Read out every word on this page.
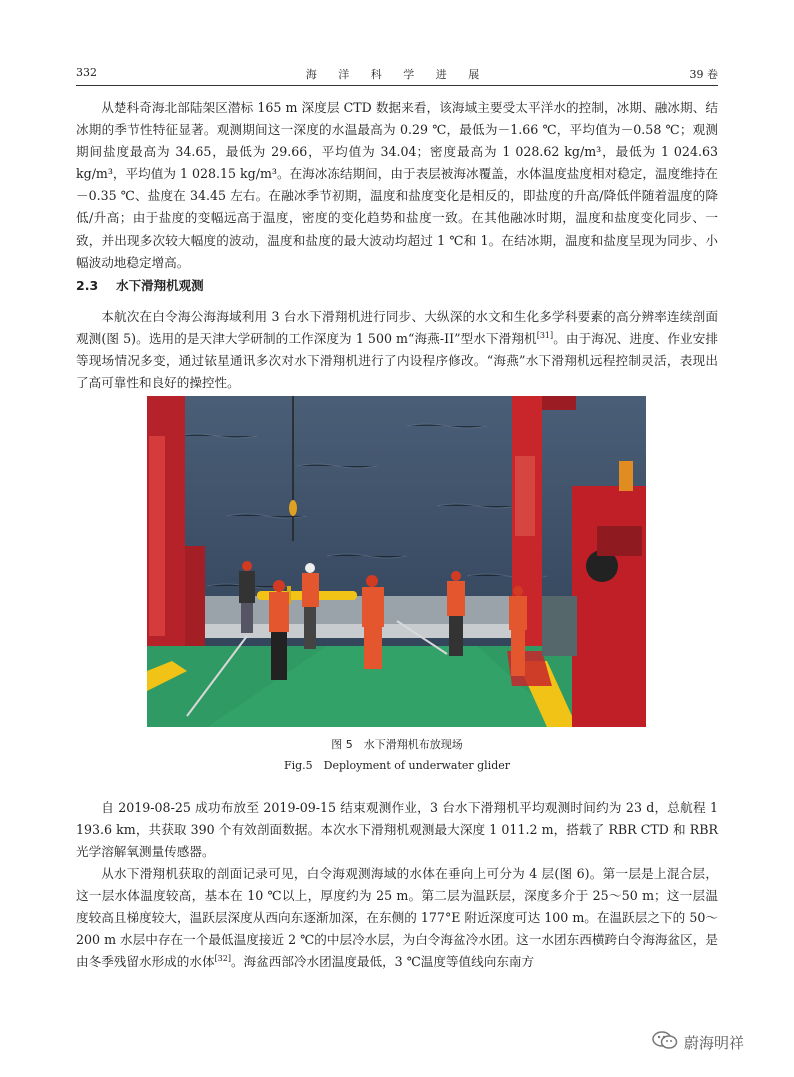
332	海 洋 科 学 进 展	39 卷

从楚科奇海北部陆架区潜标 165 m 深度层 CTD 数据来看，该海域主要受太平洋水的控制，冰期、融冰期、结冰期的季节性特征显著。观测期间这一深度的水温最高为 0.29 ℃，最低为－1.66 ℃，平均值为－0.58 ℃；观测期间盐度最高为 34.65，最低为 29.66，平均值为 34.04；密度最高为 1 028.62 kg/m³，最低为 1 024.63 kg/m³，平均值为 1 028.15 kg/m³。在海冰冻结期间，由于表层被海冰覆盖，水体温度盐度相对稳定，温度维持在－0.35 ℃、盐度在 34.45 左右。在融冰季节初期，温度和盐度变化是相反的，即盐度的升高/降低伴随着温度的降低/升高；由于盐度的变幅远高于温度，密度的变化趋势和盐度一致。在其他融冰时期，温度和盐度变化同步、一致，并出现多次较大幅度的波动，温度和盐度的最大波动均超过 1 ℃和 1。在结冰期，温度和盐度呈现为同步、小幅波动地稳定增高。

2.3 水下滑翔机观测

本航次在白令海公海海域利用 3 台水下滑翔机进行同步、大纵深的水文和生化多学科要素的高分辨率连续剖面观测(图 5)。选用的是天津大学研制的工作深度为 1 500 m“海燕-II”型水下滑翔机[31]。由于海况、进度、作业安排等现场情况多变，通过铱星通讯多次对水下滑翔机进行了内设程序修改。“海燕”水下滑翔机远程控制灵活，表现出了高可靠性和良好的操控性。

图 5　水下滑翔机布放现场
Fig.5　Deployment of underwater glider

自 2019-08-25 成功布放至 2019-09-15 结束观测作业，3 台水下滑翔机平均观测时间约为 23 d，总航程 1 193.6 km，共获取 390 个有效剖面数据。本次水下滑翔机观测最大深度 1 011.2 m，搭载了 RBR CTD 和 RBR 光学溶解氧测量传感器。

从水下滑翔机获取的剖面记录可见，白令海观测海域的水体在垂向上可分为 4 层(图 6)。第一层是上混合层，这一层水体温度较高，基本在 10 ℃以上，厚度约为 25 m。第二层为温跃层，深度多介于 25～50 m；这一层温度较高且梯度较大，温跃层深度从西向东逐渐加深，在东侧的 177°E 附近深度可达 100 m。在温跃层之下的 50～200 m 水层中存在一个最低温度接近 2 ℃的中层冷水层，为白令海盆冷水团。这一水团东西横跨白令海海盆区，是由冬季残留水形成的水体[32]。海盆西部冷水团温度最低，3 ℃温度等值线向东南方

蔚海明祥
